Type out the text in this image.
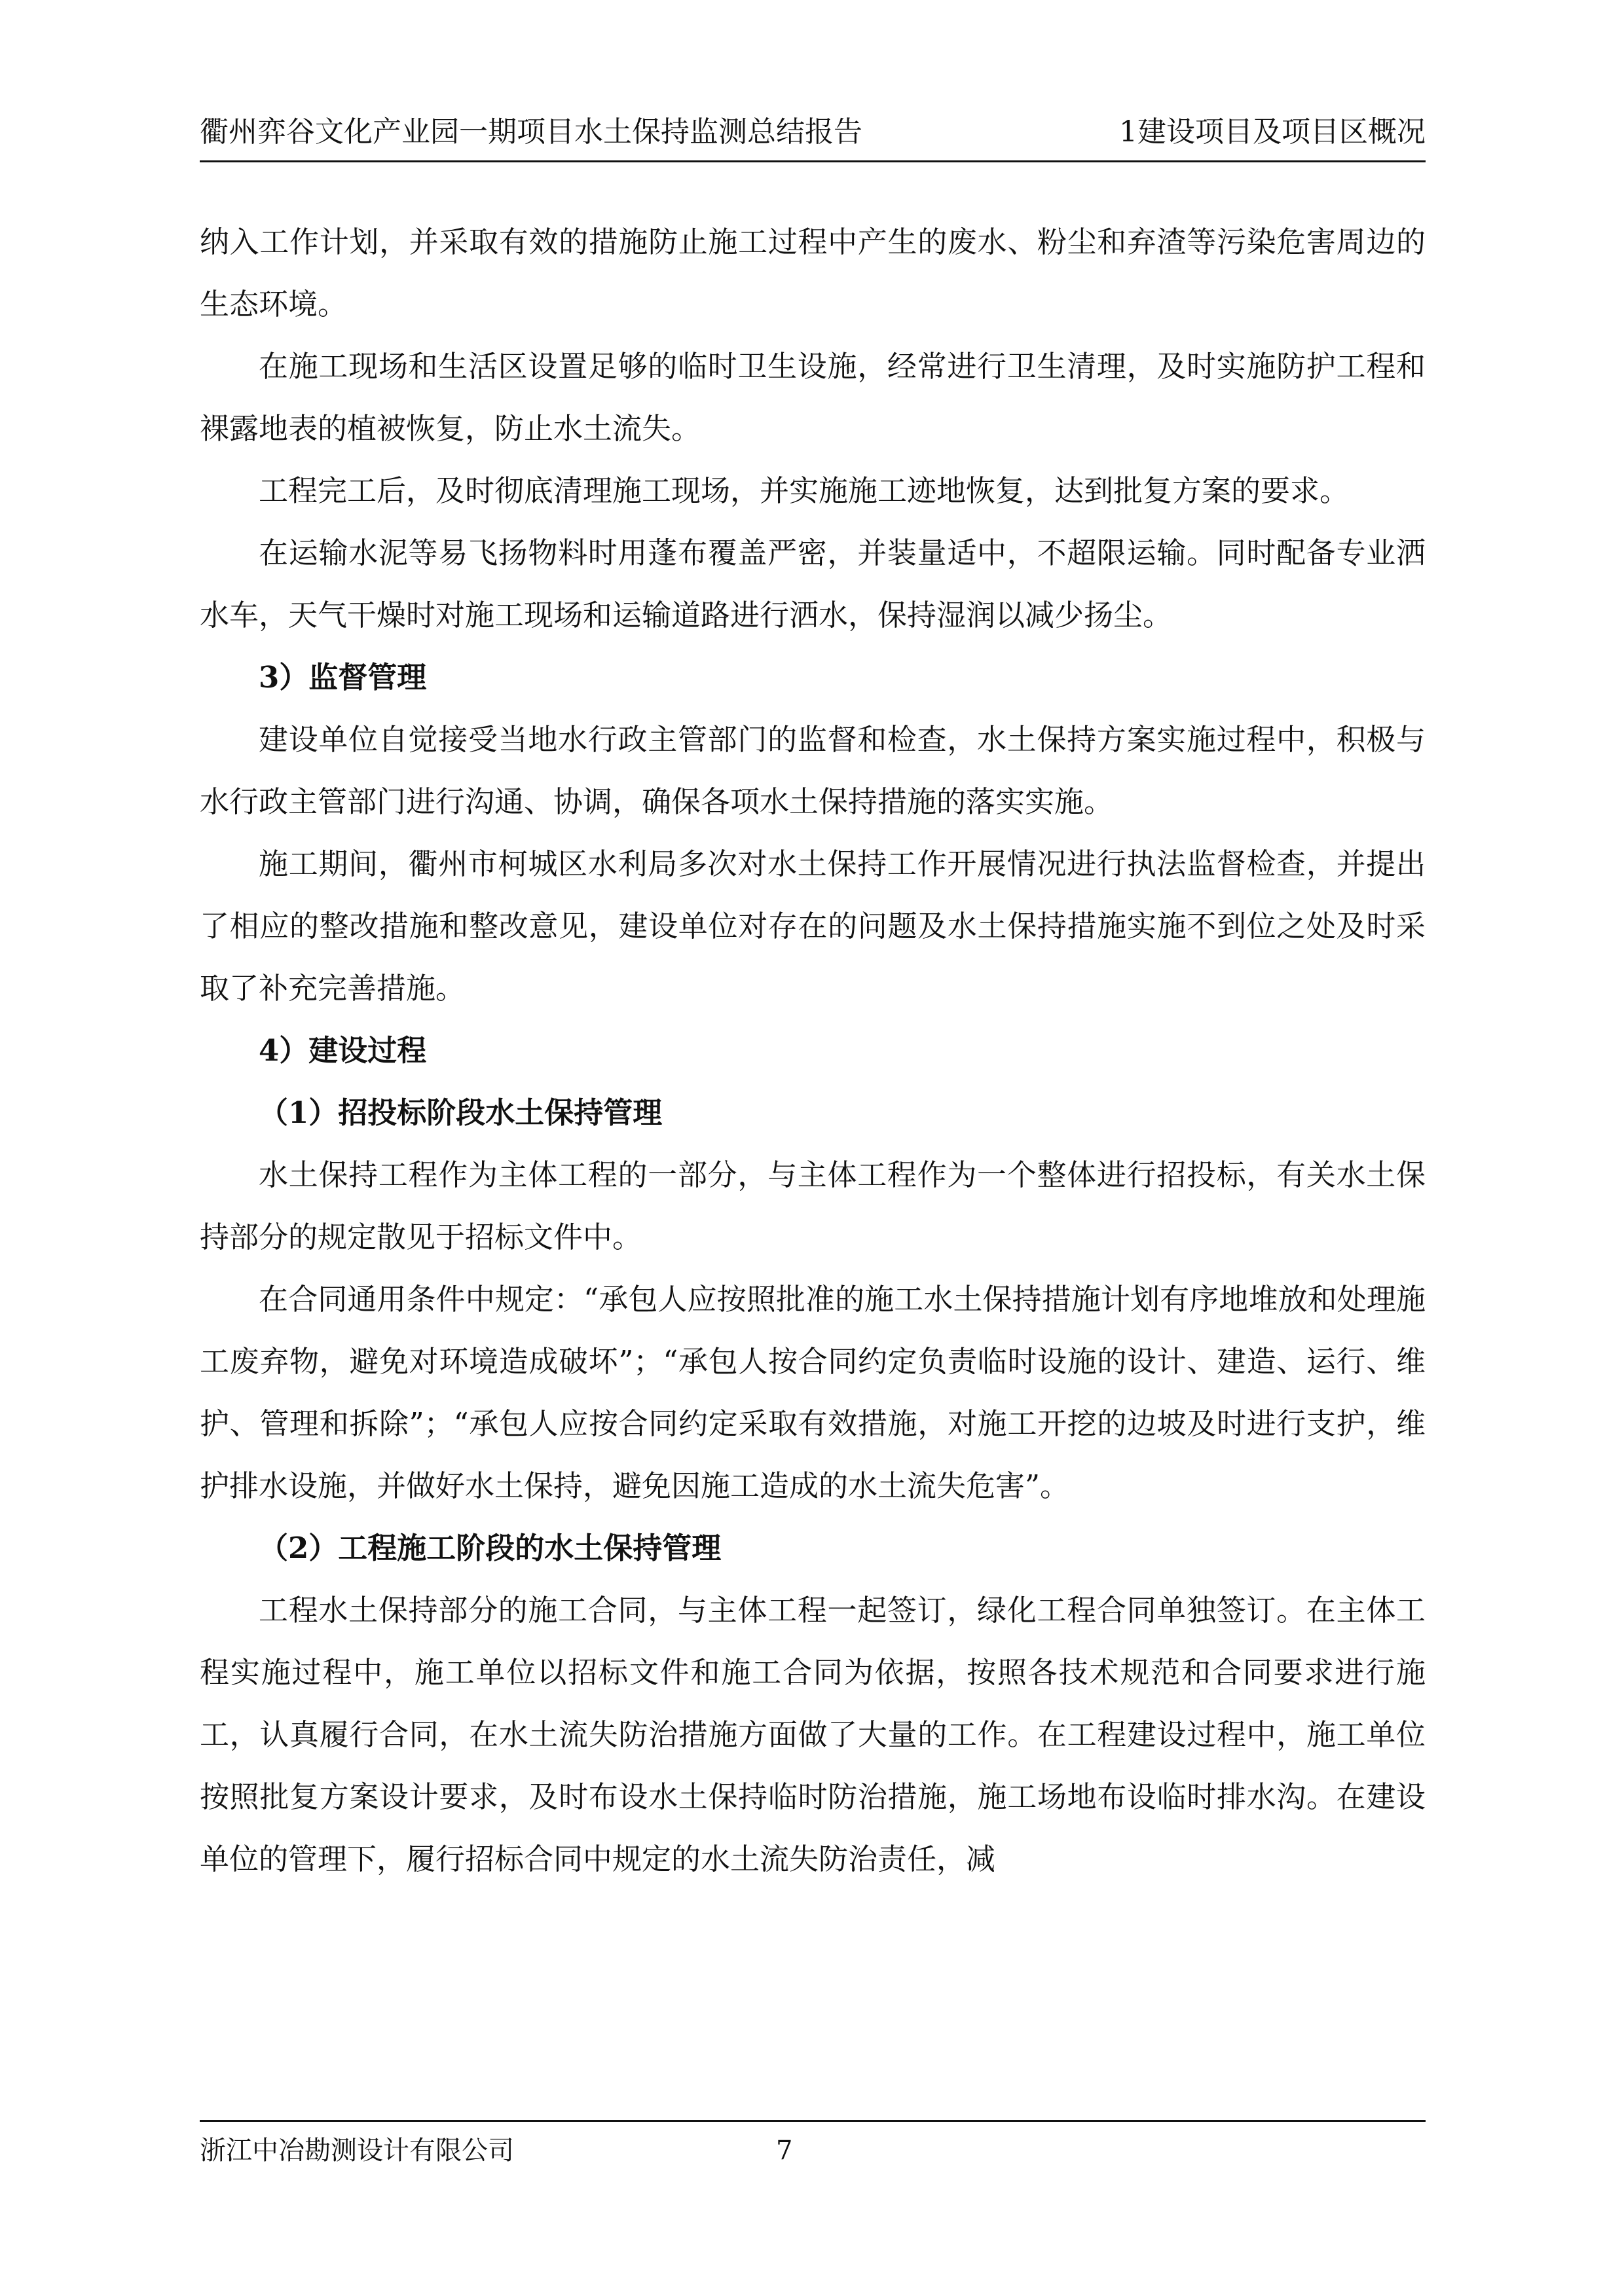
衢州弈谷文化产业园一期项目水土保持监测总结报告	1建设项目及项目区概况

纳入工作计划，并采取有效的措施防止施工过程中产生的废水、粉尘和弃渣等污染危害周边的生态环境。

在施工现场和生活区设置足够的临时卫生设施，经常进行卫生清理，及时实施防护工程和裸露地表的植被恢复，防止水土流失。

工程完工后，及时彻底清理施工现场，并实施施工迹地恢复，达到批复方案的要求。

在运输水泥等易飞扬物料时用蓬布覆盖严密，并装量适中，不超限运输。同时配备专业洒水车，天气干燥时对施工现场和运输道路进行洒水，保持湿润以减少扬尘。

3）监督管理

建设单位自觉接受当地水行政主管部门的监督和检查，水土保持方案实施过程中，积极与水行政主管部门进行沟通、协调，确保各项水土保持措施的落实实施。

施工期间，衢州市柯城区水利局多次对水土保持工作开展情况进行执法监督检查，并提出了相应的整改措施和整改意见，建设单位对存在的问题及水土保持措施实施不到位之处及时采取了补充完善措施。

4）建设过程

（1）招投标阶段水土保持管理

水土保持工程作为主体工程的一部分，与主体工程作为一个整体进行招投标，有关水土保持部分的规定散见于招标文件中。

在合同通用条件中规定：“承包人应按照批准的施工水土保持措施计划有序地堆放和处理施工废弃物，避免对环境造成破坏”；“承包人按合同约定负责临时设施的设计、建造、运行、维护、管理和拆除”；“承包人应按合同约定采取有效措施，对施工开挖的边坡及时进行支护，维护排水设施，并做好水土保持，避免因施工造成的水土流失危害”。

（2）工程施工阶段的水土保持管理

工程水土保持部分的施工合同，与主体工程一起签订，绿化工程合同单独签订。在主体工程实施过程中，施工单位以招标文件和施工合同为依据，按照各技术规范和合同要求进行施工，认真履行合同，在水土流失防治措施方面做了大量的工作。在工程建设过程中，施工单位按照批复方案设计要求，及时布设水土保持临时防治措施，施工场地布设临时排水沟。在建设单位的管理下，履行招标合同中规定的水土流失防治责任，减

浙江中冶勘测设计有限公司	7
